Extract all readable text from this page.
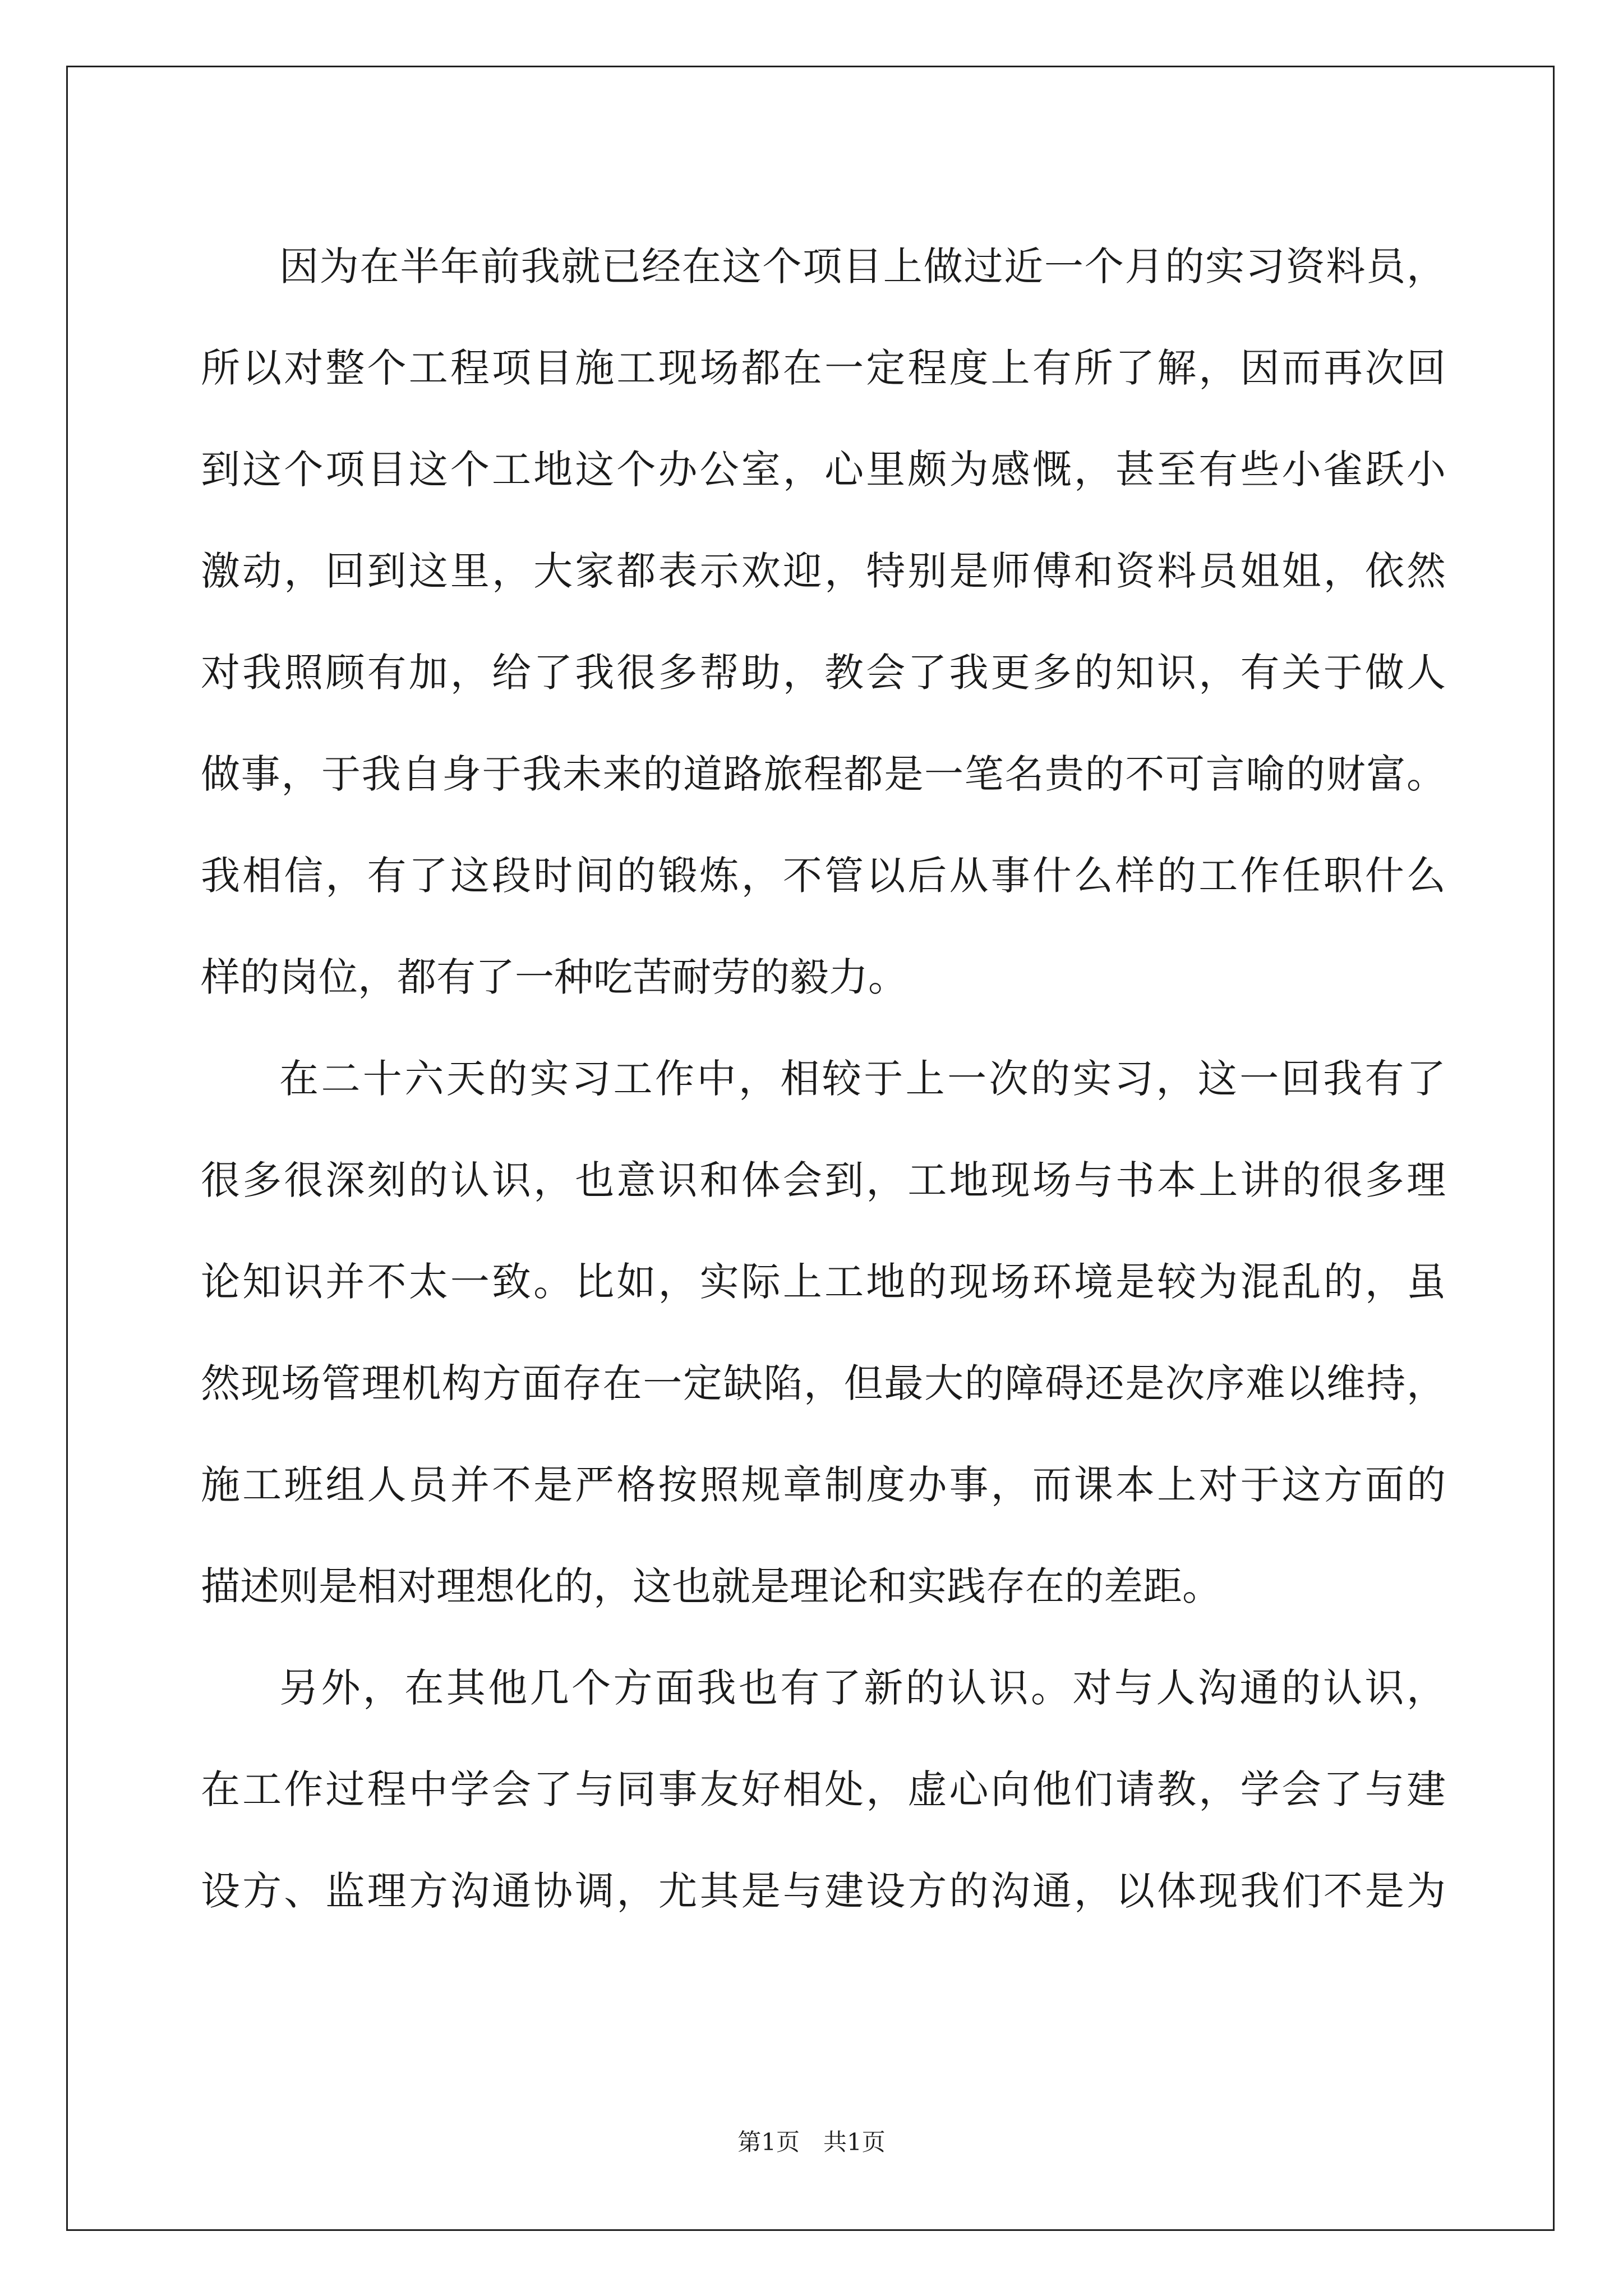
因为在半年前我就已经在这个项目上做过近一个月的实习资料员，
所以对整个工程项目施工现场都在一定程度上有所了解，因而再次回
到这个项目这个工地这个办公室，心里颇为感慨，甚至有些小雀跃小
激动，回到这里，大家都表示欢迎，特别是师傅和资料员姐姐，依然
对我照顾有加，给了我很多帮助，教会了我更多的知识，有关于做人
做事，于我自身于我未来的道路旅程都是一笔名贵的不可言喻的财富。
我相信，有了这段时间的锻炼，不管以后从事什么样的工作任职什么
样的岗位，都有了一种吃苦耐劳的毅力。
在二十六天的实习工作中，相较于上一次的实习，这一回我有了
很多很深刻的认识，也意识和体会到，工地现场与书本上讲的很多理
论知识并不太一致。比如，实际上工地的现场环境是较为混乱的，虽
然现场管理机构方面存在一定缺陷，但最大的障碍还是次序难以维持，
施工班组人员并不是严格按照规章制度办事，而课本上对于这方面的
描述则是相对理想化的，这也就是理论和实践存在的差距。
另外，在其他几个方面我也有了新的认识。对与人沟通的认识，
在工作过程中学会了与同事友好相处，虚心向他们请教，学会了与建
设方、监理方沟通协调，尤其是与建设方的沟通，以体现我们不是为
第1页　共1页
